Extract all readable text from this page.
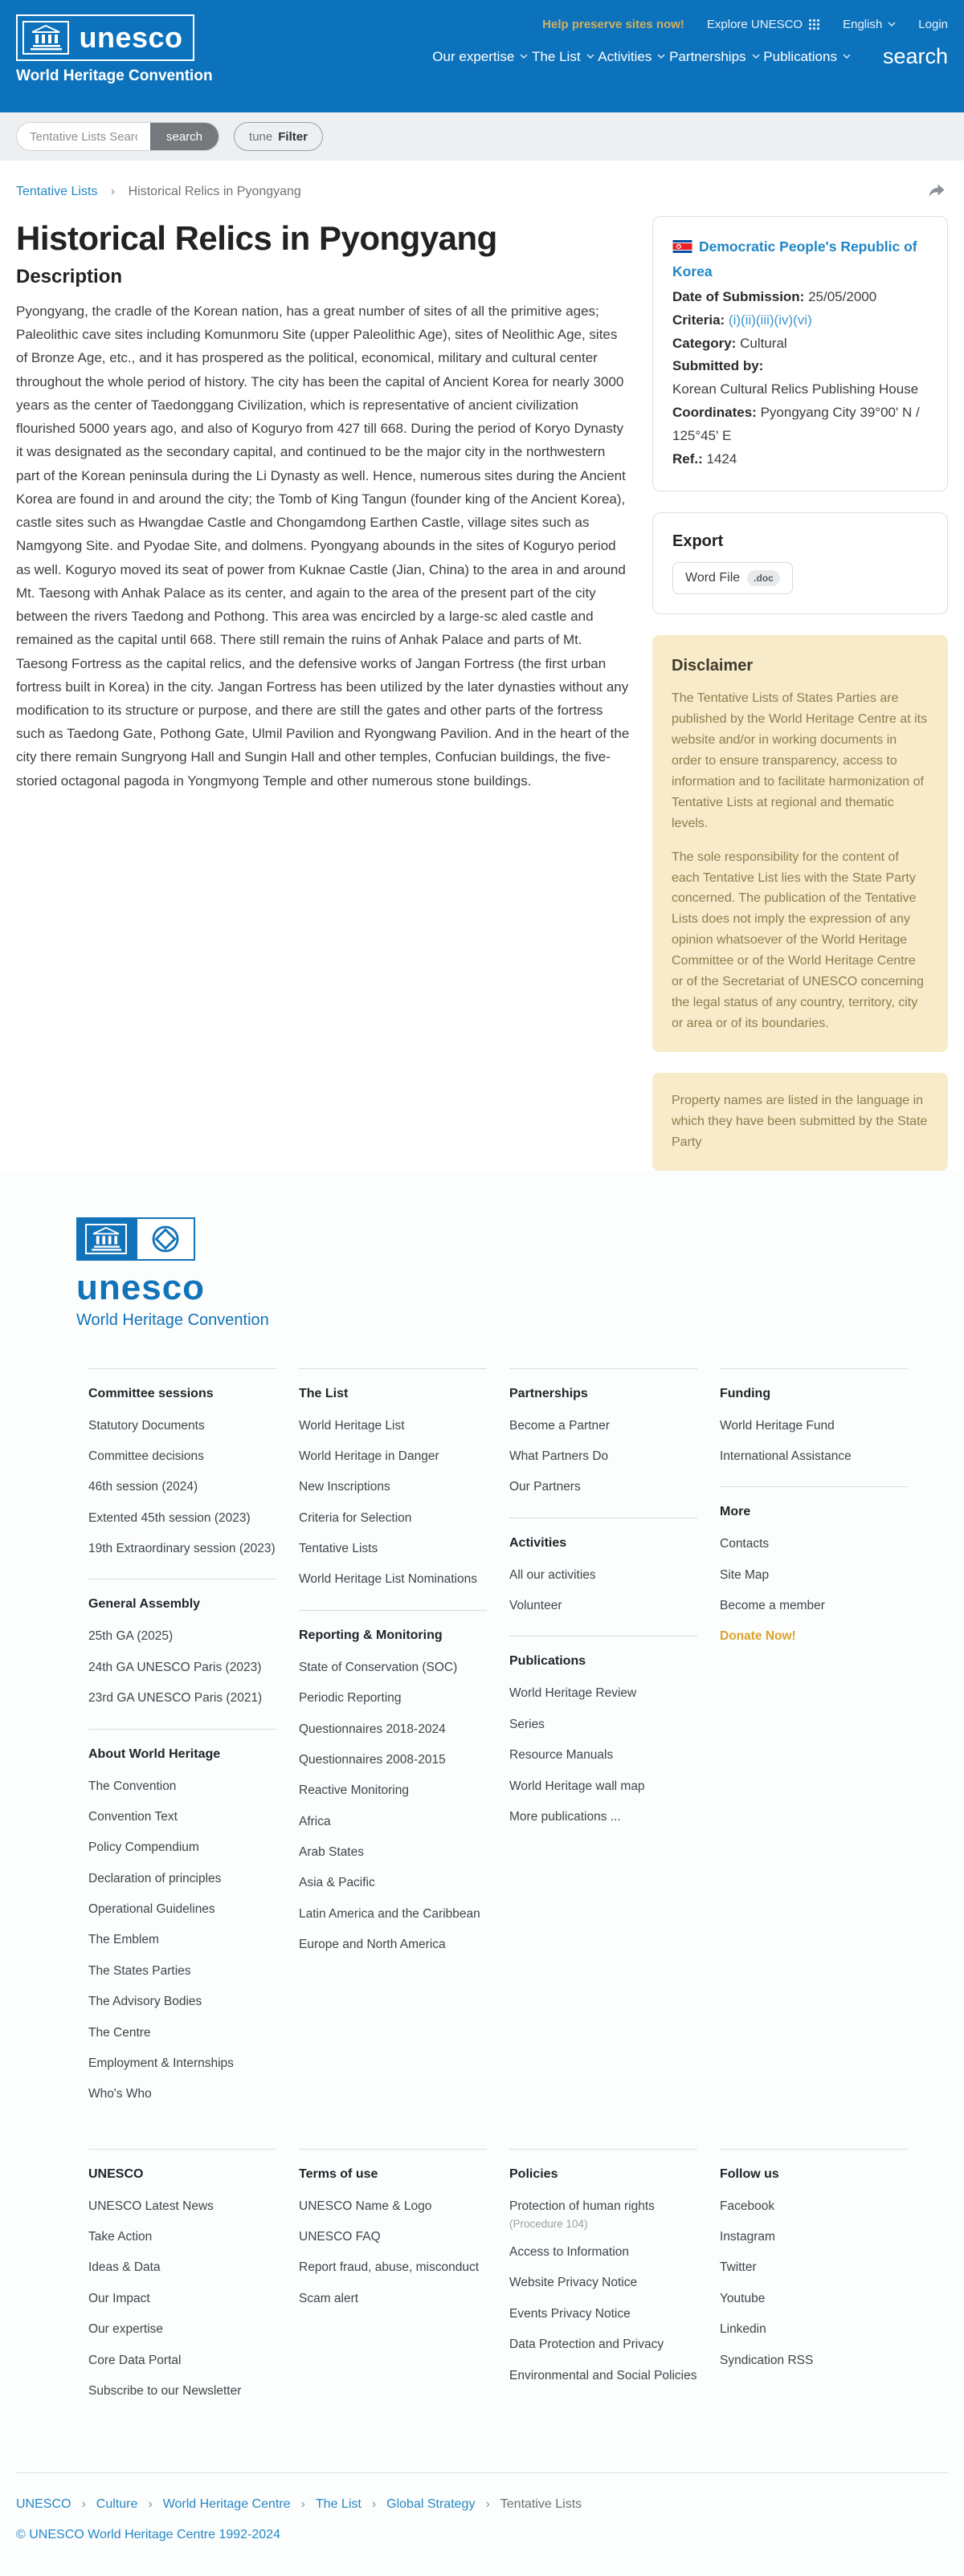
unesco
World Heritage Convention
Help preserve sites now! Explore UNESCO	English	Login
Our expertise
The List
Activities
Partnerships
Publications search
Tentative Lists Search
search	tune Filter
Tentative Lists › Historical Relics in Pyongyang
Historical Relics in Pyongyang
Description

Pyongyang, the cradle of the Korean nation, has a great number of sites of all the primitive ages; Paleolithic cave sites including Komunmoru Site (upper Paleolithic Age), sites of Neolithic Age, sites of Bronze Age, etc., and it has prospered as the political, economical, military and cultural center throughout the whole period of history. The city has been the capital of Ancient Korea for nearly 3000 years as the center of Taedonggang Civilization, which is representative of ancient civilization flourished 5000 years ago, and also of Koguryo from 427 till 668. During the period of Koryo Dynasty it was designated as the secondary capital, and continued to be the major city in the northwestern part of the Korean peninsula during the Li Dynasty as well. Hence, numerous sites during the Ancient Korea are found in and around the city; the Tomb of King Tangun (founder king of the Ancient Korea), castle sites such as Hwangdae Castle and Chongamdong Earthen Castle, village sites such as Namgyong Site. and Pyodae Site, and dolmens. Pyongyang abounds in the sites of Koguryo period as well. Koguryo moved its seat of power from Kuknae Castle (Jian, China) to the area in and around Mt. Taesong with Anhak Palace as its center, and again to the area of the present part of the city between the rivers Taedong and Pothong. This area was encircled by a large-sc aled castle and remained as the capital until 668. There still remain the ruins of Anhak Palace and parts of Mt. Taesong Fortress as the capital relics, and the defensive works of Jangan Fortress (the first urban fortress built in Korea) in the city. Jangan Fortress has been utilized by the later dynasties without any modification to its structure or purpose, and there are still the gates and other parts of the fortress such as Taedong Gate, Pothong Gate, Ulmil Pavilion and Ryongwang Pavilion. And in the heart of the city there remain Sungryong Hall and Sungin Hall and other temples, Confucian buildings, the five-storied octagonal pagoda in Yongmyong Temple and other numerous stone buildings.

Democratic People's Republic of Korea
Date of Submission: 25/05/2000
Criteria: (i)(ii)(iii)(iv)(vi)
Category: Cultural
Submitted by:
Korean Cultural Relics Publishing House
Coordinates: Pyongyang City 39°00' N / 125°45' E
Ref.: 1424
Export
Word File	.doc
Disclaimer

The Tentative Lists of States Parties are published by the World Heritage Centre at its website and/or in working documents in order to ensure transparency, access to information and to facilitate harmonization of Tentative Lists at regional and thematic levels.

The sole responsibility for the content of each Tentative List lies with the State Party concerned. The publication of the Tentative Lists does not imply the expression of any opinion whatsoever of the World Heritage Committee or of the World Heritage Centre or of the Secretariat of UNESCO concerning the legal status of any country, territory, city or area or of its boundaries.

Property names are listed in the language in which they have been submitted by the State Party

unesco
World Heritage Convention
Committee sessions
Statutory Documents
Committee decisions
46th session (2024)
Extented 45th session (2023)
19th Extraordinary session (2023)
General Assembly
25th GA (2025)
24th GA UNESCO Paris (2023)
23rd GA UNESCO Paris (2021)
About World Heritage
The Convention
Convention Text
Policy Compendium
Declaration of principles
Operational Guidelines
The Emblem
The States Parties
The Advisory Bodies
The Centre
Employment & Internships
Who's Who
The List
World Heritage List
World Heritage in Danger
New Inscriptions
Criteria for Selection
Tentative Lists
World Heritage List Nominations
Reporting & Monitoring
State of Conservation (SOC)
Periodic Reporting
Questionnaires 2018-2024
Questionnaires 2008-2015
Reactive Monitoring
Africa
Arab States
Asia & Pacific
Latin America and the Caribbean
Europe and North America
Partnerships
Become a Partner
What Partners Do
Our Partners
Activities
All our activities
Volunteer
Publications
World Heritage Review
Series
Resource Manuals
World Heritage wall map
More publications ...
Funding
World Heritage Fund
International Assistance
More
Contacts
Site Map
Become a member
Donate Now!
UNESCO
UNESCO Latest News
Take Action
Ideas & Data
Our Impact
Our expertise
Core Data Portal
Subscribe to our Newsletter
Terms of use
UNESCO Name & Logo
UNESCO FAQ
Report fraud, abuse, misconduct
Scam alert
Policies
Protection of human rights
(Procedure 104)
Access to Information
Website Privacy Notice
Events Privacy Notice
Data Protection and Privacy
Environmental and Social Policies
Follow us
Facebook
Instagram
Twitter
Youtube
Linkedin
Syndication RSS
UNESCO › Culture › World Heritage Centre › The List › Global Strategy › Tentative Lists
© UNESCO World Heritage Centre 1992-2024
